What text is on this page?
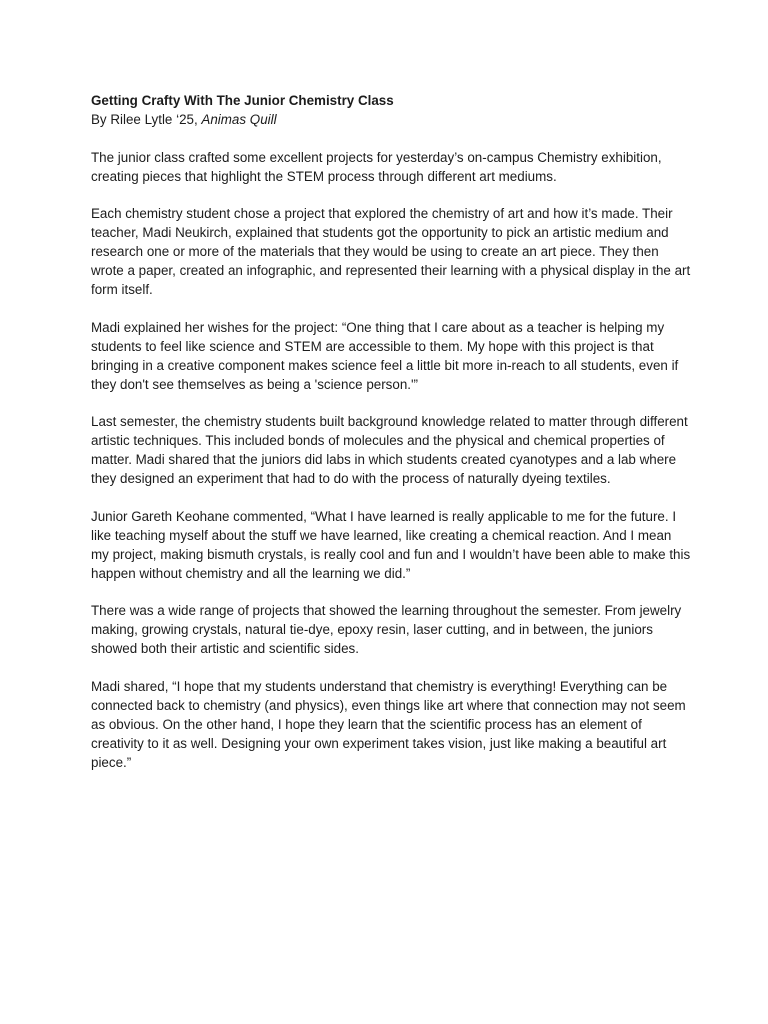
Getting Crafty With The Junior Chemistry Class
By Rilee Lytle ‘25, Animas Quill

The junior class crafted some excellent projects for yesterday’s on-campus Chemistry exhibition, creating pieces that highlight the STEM process through different art mediums.

Each chemistry student chose a project that explored the chemistry of art and how it’s made. Their teacher, Madi Neukirch, explained that students got the opportunity to pick an artistic medium and research one or more of the materials that they would be using to create an art piece. They then wrote a paper, created an infographic, and represented their learning with a physical display in the art form itself.

Madi explained her wishes for the project: “One thing that I care about as a teacher is helping my students to feel like science and STEM are accessible to them. My hope with this project is that bringing in a creative component makes science feel a little bit more in-reach to all students, even if they don't see themselves as being a 'science person.'”

Last semester, the chemistry students built background knowledge related to matter through different artistic techniques. This included bonds of molecules and the physical and chemical properties of matter. Madi shared that the juniors did labs in which students created cyanotypes and a lab where they designed an experiment that had to do with the process of naturally dyeing textiles.

Junior Gareth Keohane commented, “What I have learned is really applicable to me for the future. I like teaching myself about the stuff we have learned, like creating a chemical reaction. And I mean my project, making bismuth crystals, is really cool and fun and I wouldn’t have been able to make this happen without chemistry and all the learning we did.”

There was a wide range of projects that showed the learning throughout the semester. From jewelry making, growing crystals, natural tie-dye, epoxy resin, laser cutting, and in between, the juniors showed both their artistic and scientific sides.

Madi shared, “I hope that my students understand that chemistry is everything! Everything can be connected back to chemistry (and physics), even things like art where that connection may not seem as obvious. On the other hand, I hope they learn that the scientific process has an element of creativity to it as well. Designing your own experiment takes vision, just like making a beautiful art piece.”
